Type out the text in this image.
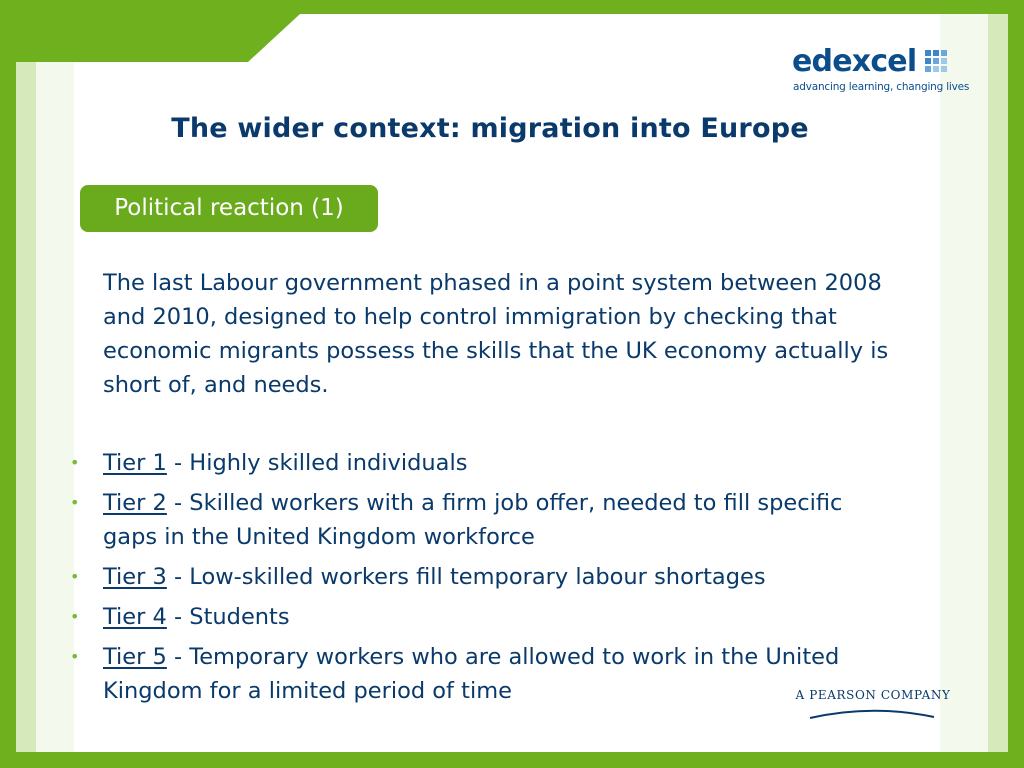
edexcel
advancing learning, changing lives
The wider context: migration into Europe
Political reaction (1)
The last Labour government phased in a point system between 2008 and 2010, designed to help control immigration by checking that economic migrants possess the skills that the UK economy actually is short of, and needs.
• Tier 1 - Highly skilled individuals
• Tier 2 - Skilled workers with a firm job offer, needed to fill specific gaps in the United Kingdom workforce
• Tier 3 - Low-skilled workers fill temporary labour shortages
• Tier 4 - Students
• Tier 5 - Temporary workers who are allowed to work in the United Kingdom for a limited period of time	A PEARSON COMPANY
